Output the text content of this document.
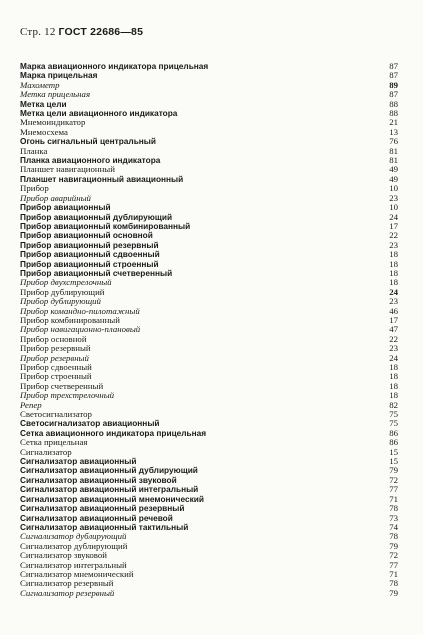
Стр. 12 ГОСТ 22686—85
Марка авиационного индикатора прицельная	87
Марка прицельная	87
Махометр	89
Метка прицельная	87
Метка цели	88
Метка цели авиационного индикатора	88
Мнемоиндикатор	21
Мнемосхема	13
Огонь сигнальный центральный	76
Планка	81
Планка авиационного индикатора	81
Планшет навигационный	49
Планшет навигационный авиационный	49
Прибор	10
Прибор аварийный	23
Прибор авиационный	10
Прибор авиационный дублирующий	24
Прибор авиационный комбинированный	17
Прибор авиационный основной	22
Прибор авиационный резервный	23
Прибор авиационный сдвоенный	18
Прибор авиационный строенный	18
Прибор авиационный счетверенный	18
Прибор двухстрелочный	18
Прибор дублирующий	24
Прибор дублирующий	23
Прибор командно-пилотажный	46
Прибор комбинированный	17
Прибор навигационно-плановый	47
Прибор основной	22
Прибор резервный	23
Прибор резервный	24
Прибор сдвоенный	18
Прибор строенный	18
Прибор счетверенный	18
Прибор трехстрелочный	18
Репер	82
Светосигнализатор	75
Светосигнализатор авиационный	75
Сетка авиационного индикатора прицельная	86
Сетка прицельная	86
Сигнализатор	15
Сигнализатор авиационный	15
Сигнализатор авиационный дублирующий	79
Сигнализатор авиационный звуковой	72
Сигнализатор авиационный интегральный	77
Сигнализатор авиационный мнемонический	71
Сигнализатор авиационный резервный	78
Сигнализатор авиационный речевой	73
Сигнализатор авиационный тактильный	74
Сигнализатор дублирующий	78
Сигнализатор дублирующий	79
Сигнализатор звуковой	72
Сигнализатор интегральный	77
Сигнализатор мнемонический	71
Сигнализатор резервный	78
Сигнализатор резервный	79
